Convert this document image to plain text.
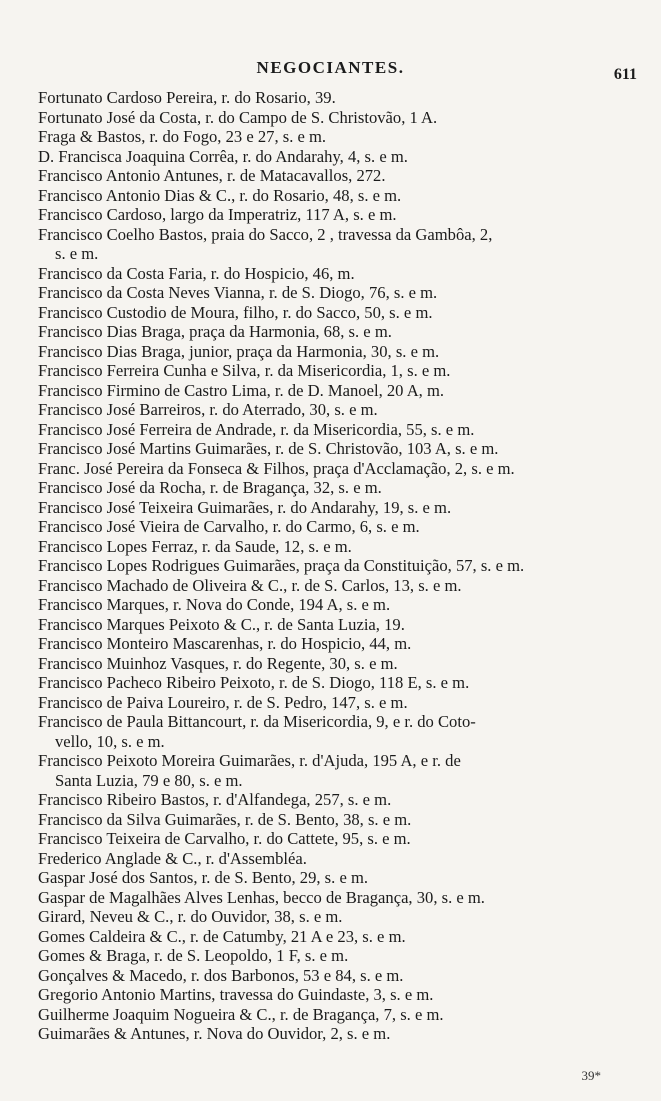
NEGOCIANTES.	611
Fortunato Cardoso Pereira, r. do Rosario, 39.
Fortunato José da Costa, r. do Campo de S. Christovão, 1 A.
Fraga & Bastos, r. do Fogo, 23 e 27, s. e m.
D. Francisca Joaquina Corrêa, r. do Andarahy, 4, s. e m.
Francisco Antonio Antunes, r. de Matacavallos, 272.
Francisco Antonio Dias & C., r. do Rosario, 48, s. e m.
Francisco Cardoso, largo da Imperatriz, 117 A, s. e m.
Francisco Coelho Bastos, praia do Sacco, 2 , travessa da Gambôa, 2,
s. e m.
Francisco da Costa Faria, r. do Hospicio, 46, m.
Francisco da Costa Neves Vianna, r. de S. Diogo, 76, s. e m.
Francisco Custodio de Moura, filho, r. do Sacco, 50, s. e m.
Francisco Dias Braga, praça da Harmonia, 68, s. e m.
Francisco Dias Braga, junior, praça da Harmonia, 30, s. e m.
Francisco Ferreira Cunha e Silva, r. da Misericordia, 1, s. e m.
Francisco Firmino de Castro Lima, r. de D. Manoel, 20 A, m.
Francisco José Barreiros, r. do Aterrado, 30, s. e m.
Francisco José Ferreira de Andrade, r. da Misericordia, 55, s. e m.
Francisco José Martins Guimarães, r. de S. Christovão, 103 A, s. e m.
Franc. José Pereira da Fonseca & Filhos, praça d'Acclamação, 2, s. e m.
Francisco José da Rocha, r. de Bragança, 32, s. e m.
Francisco José Teixeira Guimarães, r. do Andarahy, 19, s. e m.
Francisco José Vieira de Carvalho, r. do Carmo, 6, s. e m.
Francisco Lopes Ferraz, r. da Saude, 12, s. e m.
Francisco Lopes Rodrigues Guimarães, praça da Constituição, 57, s. e m.
Francisco Machado de Oliveira & C., r. de S. Carlos, 13, s. e m.
Francisco Marques, r. Nova do Conde, 194 A, s. e m.
Francisco Marques Peixoto & C., r. de Santa Luzia, 19.
Francisco Monteiro Mascarenhas, r. do Hospicio, 44, m.
Francisco Muinhoz Vasques, r. do Regente, 30, s. e m.
Francisco Pacheco Ribeiro Peixoto, r. de S. Diogo, 118 E, s. e m.
Francisco de Paiva Loureiro, r. de S. Pedro, 147, s. e m.
Francisco de Paula Bittancourt, r. da Misericordia, 9, e r. do Coto-
vello, 10, s. e m.
Francisco Peixoto Moreira Guimarães, r. d'Ajuda, 195 A, e r. de
Santa Luzia, 79 e 80, s. e m.
Francisco Ribeiro Bastos, r. d'Alfandega, 257, s. e m.
Francisco da Silva Guimarães, r. de S. Bento, 38, s. e m.
Francisco Teixeira de Carvalho, r. do Cattete, 95, s. e m.
Frederico Anglade & C., r. d'Assembléa.
Gaspar José dos Santos, r. de S. Bento, 29, s. e m.
Gaspar de Magalhães Alves Lenhas, becco de Bragança, 30, s. e m.
Girard, Neveu & C., r. do Ouvidor, 38, s. e m.
Gomes Caldeira & C., r. de Catumby, 21 A e 23, s. e m.
Gomes & Braga, r. de S. Leopoldo, 1 F, s. e m.
Gonçalves & Macedo, r. dos Barbonos, 53 e 84, s. e m.
Gregorio Antonio Martins, travessa do Guindaste, 3, s. e m.
Guilherme Joaquim Nogueira & C., r. de Bragança, 7, s. e m.
Guimarães & Antunes, r. Nova do Ouvidor, 2, s. e m.
39*
